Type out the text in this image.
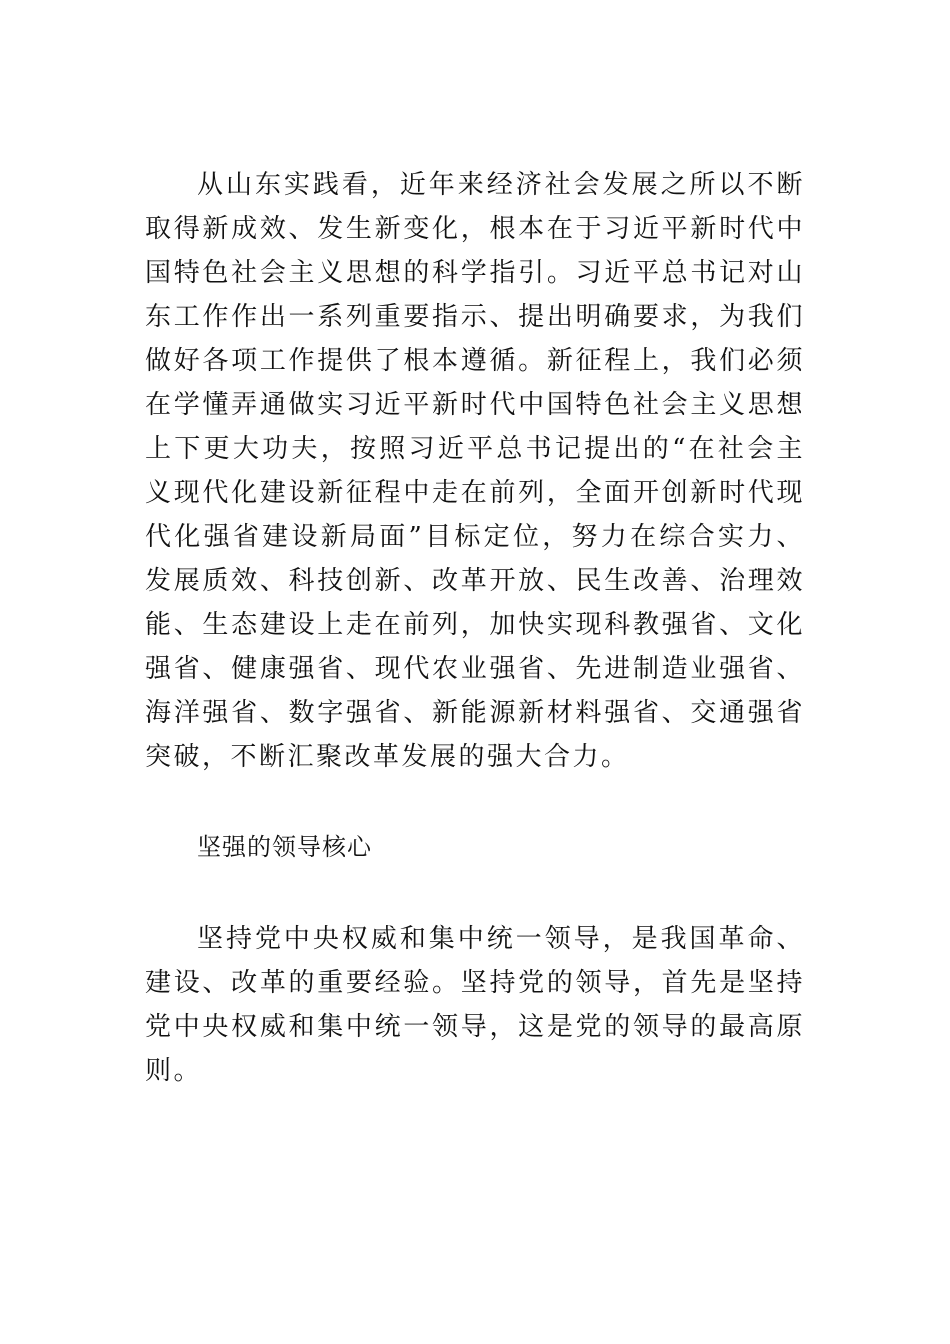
从山东实践看，近年来经济社会发展之所以不断取得新成效、发生新变化，根本在于习近平新时代中国特色社会主义思想的科学指引。习近平总书记对山东工作作出一系列重要指示、提出明确要求，为我们做好各项工作提供了根本遵循。新征程上，我们必须在学懂弄通做实习近平新时代中国特色社会主义思想上下更大功夫，按照习近平总书记提出的“在社会主义现代化建设新征程中走在前列，全面开创新时代现代化强省建设新局面”目标定位，努力在综合实力、发展质效、科技创新、改革开放、民生改善、治理效能、生态建设上走在前列，加快实现科教强省、文化强省、健康强省、现代农业强省、先进制造业强省、海洋强省、数字强省、新能源新材料强省、交通强省突破，不断汇聚改革发展的强大合力。

坚强的领导核心

坚持党中央权威和集中统一领导，是我国革命、建设、改革的重要经验。坚持党的领导，首先是坚持党中央权威和集中统一领导，这是党的领导的最高原则。
